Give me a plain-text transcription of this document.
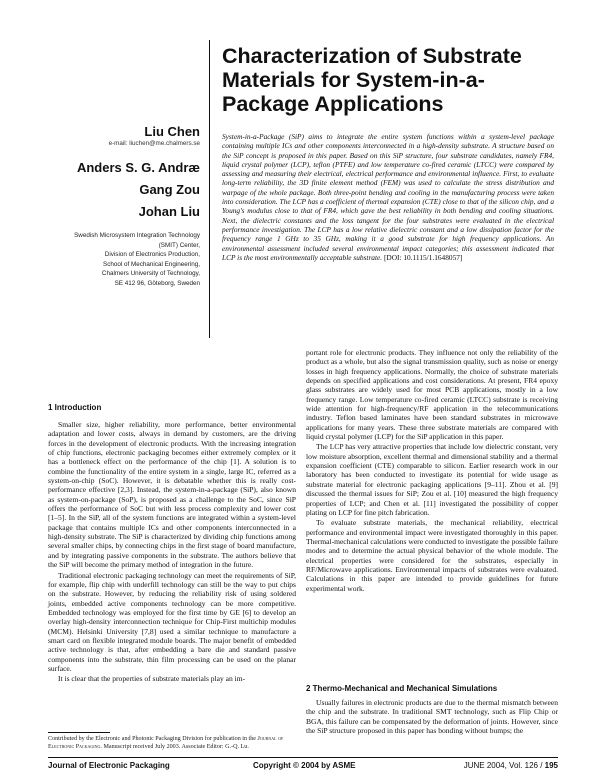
Characterization of Substrate
Materials for System-in-a-
Package Applications
Liu Chen
e-mail: liuchen@me.chalmers.se
Anders S. G. Andræ
Gang Zou
Johan Liu
Swedish Microsystem Integration Technology
(SMIT) Center,
Division of Electronics Production,
School of Mechanical Engineering,
Chalmers University of Technology,
SE 412 96, Göteborg, Sweden
System-in-a-Package (SiP) aims to integrate the entire system functions within a system-level package containing multiple ICs and other components interconnected in a high-density substrate. A structure based on the SiP concept is proposed in this paper. Based on this SiP structure, four substrate candidates, namely FR4, liquid crystal polymer (LCP), teflon (PTFE) and low temperature co-fired ceramic (LTCC) were compared by assessing and measuring their electrical, electrical performance and environmental influence. First, to evaluate long-term reliability, the 3D finite element method (FEM) was used to calculate the stress distribution and warpage of the whole package. Both three-point bending and cooling in the manufacturing process were taken into consideration. The LCP has a coefficient of thermal expansion (CTE) close to that of the silicon chip, and a Young's modulus close to that of FR4, which gave the best reliability in both bending and cooling situations. Next, the dielectric constants and the loss tangent for the four substrates were evaluated in the electrical performance investigation. The LCP has a low relative dielectric constant and a low dissipation factor for the frequency range 1 GHz to 35 GHz, making it a good substrate for high frequency applications. An environmental assessment included several environmental impact categories; this assessment indicated that LCP is the most environmentally acceptable substrate. [DOI: 10.1115/1.1648057]
1 Introduction

Smaller size, higher reliability, more performance, better environmental adaptation and lower costs, always in demand by customers, are the driving forces in the development of electronic products. With the increasing integration of chip functions, electronic packaging becomes either extremely complex or it has a bottleneck effect on the performance of the chip [1]. A solution is to combine the functionality of the entire system in a single, large IC, referred as a system-on-chip (SoC). However, it is debatable whether this is really cost-performance effective [2,3]. Instead, the system-in-a-package (SiP), also known as system-on-package (SoP), is proposed as a challenge to the SoC, since SiP offers the performance of SoC but with less process complexity and lower cost [1–5]. In the SiP, all of the system functions are integrated within a system-level package that contains multiple ICs and other components interconnected in a high-density substrate. The SiP is characterized by dividing chip functions among several smaller chips, by connecting chips in the first stage of board manufacture, and by integrating passive components in the substrate. The authors believe that the SiP will become the primary method of integration in the future.

Traditional electronic packaging technology can meet the requirements of SiP, for example, flip chip with underfill technology can still be the way to put chips on the substrate. However, by reducing the reliability risk of using soldered joints, embedded active components technology can be more competitive. Embedded technology was employed for the first time by GE [6] to develop an overlay high-density interconnection technique for Chip-First multichip modules (MCM). Helsinki University [7,8] used a similar technique to manufacture a smart card on flexible integrated module boards. The major benefit of embedded active technology is that, after embedding a bare die and standard passive components into the substrate, thin film processing can be used on the planar surface.

It is clear that the properties of substrate materials play an im-

portant role for electronic products. They influence not only the reliability of the product as a whole, but also the signal transmission quality, such as noise or energy losses in high frequency applications. Normally, the choice of substrate materials depends on specified applications and cost considerations. At present, FR4 epoxy glass substrates are widely used for most PCB applications, mostly in a low frequency range. Low temperature co-fired ceramic (LTCC) substrate is receiving wide attention for high-frequency/RF application in the telecommunications industry. Teflon based laminates have been standard substrates in microwave applications for many years. These three substrate materials are compared with liquid crystal polymer (LCP) for the SiP application in this paper.

The LCP has very attractive properties that include low dielectric constant, very low moisture absorption, excellent thermal and dimensional stability and a thermal expansion coefficient (CTE) comparable to silicon. Earlier research work in our laboratory has been conducted to investigate its potential for wide usage as substrate material for electronic packaging applications [9–11]. Zhou et al. [9] discussed the thermal issues for SiP; Zou et al. [10] measured the high frequency properties of LCP; and Chen et al. [11] investigated the possibility of copper plating on LCP for fine pitch fabrication.

To evaluate substrate materials, the mechanical reliability, electrical performance and environmental impact were investigated thoroughly in this paper. Thermal-mechanical calculations were conducted to investigate the possible failure modes and to determine the actual physical behavior of the whole module. The electrical properties were considered for the substrates, especially in RF/Microwave applications. Environmental impacts of substrates were evaluated. Calculations in this paper are intended to provide guidelines for future experimental work.

2 Thermo-Mechanical and Mechanical Simulations

Usually failures in electronic products are due to the thermal mismatch between the chip and the substrate. In traditional SMT technology, such as Flip Chip or BGA, this failure can be compensated by the deformation of joints. However, since the SiP structure proposed in this paper has bonding without bumps; the

Contributed by the Electronic and Photonic Packaging Division for publication in the Journal of Electronic Packaging. Manuscript received July 2003. Associate Editor: G.-Q. Lu.
Journal of Electronic Packaging	Copyright © 2004 by ASME	JUNE 2004, Vol. 126 / 195
